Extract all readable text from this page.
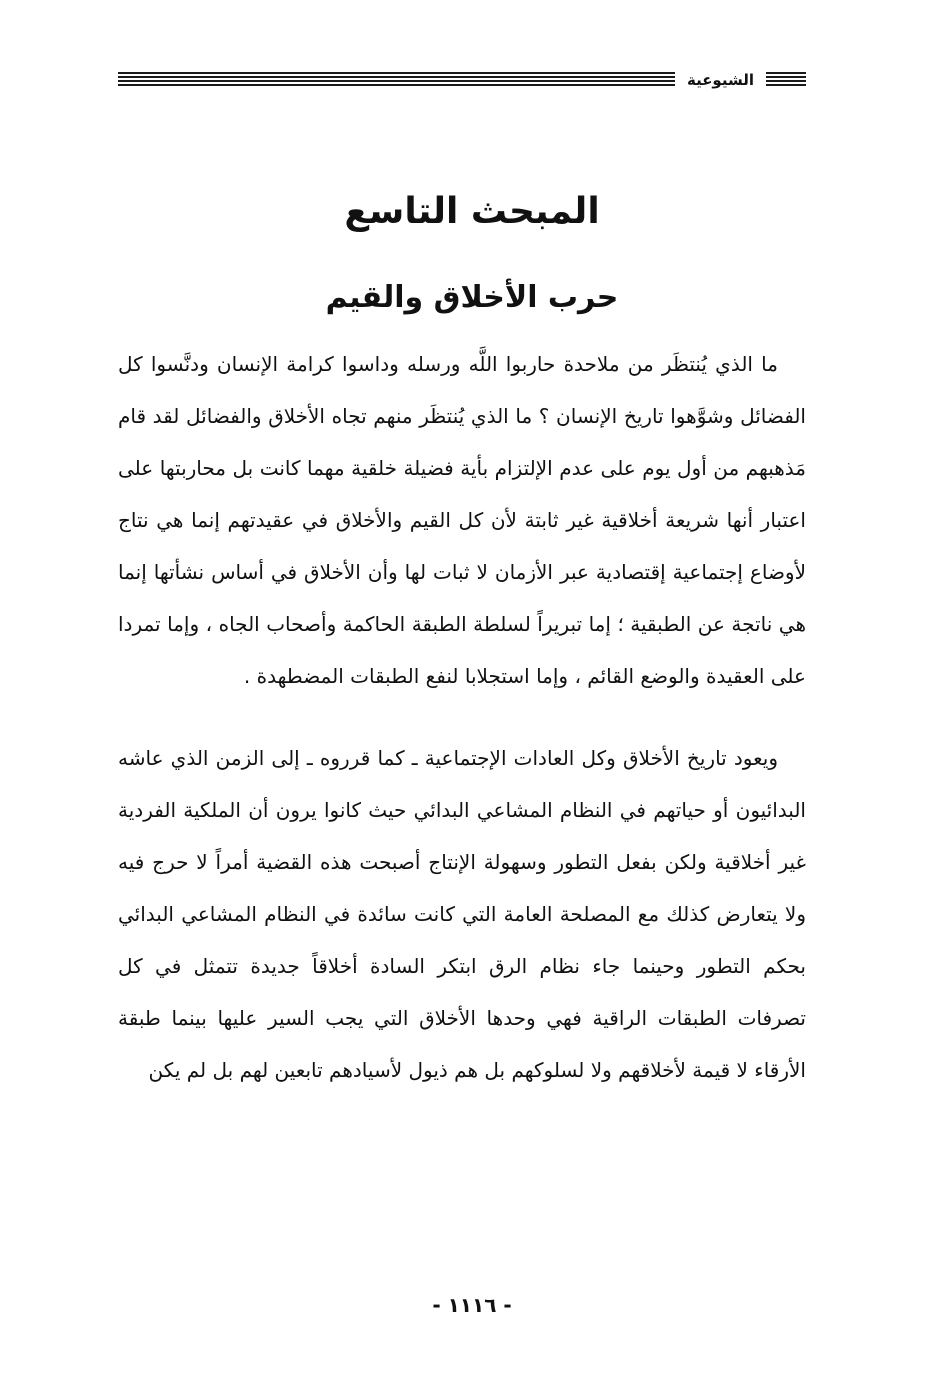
الشيوعية
المبحث التاسع
حرب الأخلاق والقيم

ما الذي يُنتظَر من ملاحدة حاربوا اللَّه ورسله وداسوا كرامة الإنسان ودنَّسوا كل الفضائل وشوَّهوا تاريخ الإنسان ؟ ما الذي يُنتظَر منهم تجاه الأخلاق والفضائل لقد قام مَذهبهم من أول يوم على عدم الإلتزام بأية فضيلة خلقية مهما كانت بل محاربتها على اعتبار أنها شريعة أخلاقية غير ثابتة لأن كل القيم والأخلاق في عقيدتهم إنما هي نتاج لأوضاع إجتماعية إقتصادية عبر الأزمان لا ثبات لها وأن الأخلاق في أساس نشأتها إنما هي ناتجة عن الطبقية ؛ إما تبريراً لسلطة الطبقة الحاكمة وأصحاب الجاه ، وإما تمردا على العقيدة والوضع القائم ، وإما استجلابا لنفع الطبقات المضطهدة .

ويعود تاريخ الأخلاق وكل العادات الإجتماعية ـ كما قرروه ـ إلى الزمن الذي عاشه البدائيون أو حياتهم في النظام المشاعي البدائي حيث كانوا يرون أن الملكية الفردية غير أخلاقية ولكن بفعل التطور وسهولة الإنتاج أصبحت هذه القضية أمراً لا حرج فيه ولا يتعارض كذلك مع المصلحة العامة التي كانت سائدة في النظام المشاعي البدائي بحكم التطور وحينما جاء نظام الرق ابتكر السادة أخلاقاً جديدة تتمثل في كل تصرفات الطبقات الراقية فهي وحدها الأخلاق التي يجب السير عليها بينما طبقة الأرقاء لا قيمة لأخلاقهم ولا لسلوكهم بل هم ذيول لأسيادهم تابعين لهم بل لم يكن

- ١١١٦ -
